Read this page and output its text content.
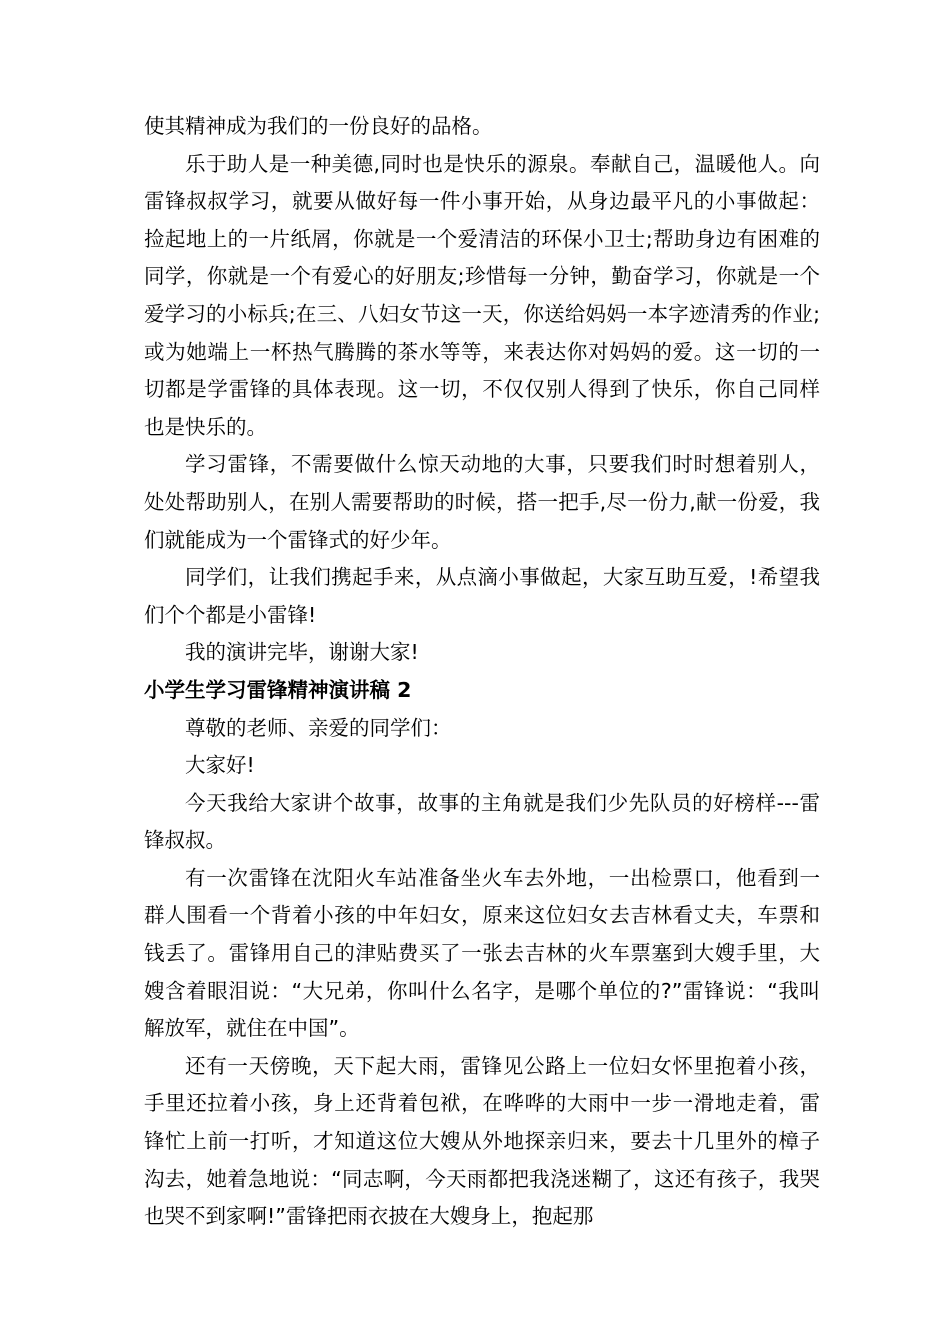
使其精神成为我们的一份良好的品格。

乐于助人是一种美德,同时也是快乐的源泉。奉献自己，温暖他人。向雷锋叔叔学习，就要从做好每一件小事开始，从身边最平凡的小事做起：捡起地上的一片纸屑，你就是一个爱清洁的环保小卫士;帮助身边有困难的同学，你就是一个有爱心的好朋友;珍惜每一分钟，勤奋学习，你就是一个爱学习的小标兵;在三、八妇女节这一天，你送给妈妈一本字迹清秀的作业;或为她端上一杯热气腾腾的茶水等等，来表达你对妈妈的爱。这一切的一切都是学雷锋的具体表现。这一切，不仅仅别人得到了快乐，你自己同样也是快乐的。

学习雷锋，不需要做什么惊天动地的大事，只要我们时时想着别人，处处帮助别人，在别人需要帮助的时候，搭一把手,尽一份力,献一份爱，我们就能成为一个雷锋式的好少年。

同学们，让我们携起手来，从点滴小事做起，大家互助互爱，!希望我们个个都是小雷锋!

我的演讲完毕，谢谢大家!

小学生学习雷锋精神演讲稿 2

尊敬的老师、亲爱的同学们：

大家好!

今天我给大家讲个故事，故事的主角就是我们少先队员的好榜样---雷锋叔叔。

有一次雷锋在沈阳火车站准备坐火车去外地，一出检票口，他看到一群人围看一个背着小孩的中年妇女，原来这位妇女去吉林看丈夫，车票和钱丢了。雷锋用自己的津贴费买了一张去吉林的火车票塞到大嫂手里，大嫂含着眼泪说：“大兄弟，你叫什么名字，是哪个单位的?”雷锋说：“我叫解放军，就住在中国”。

还有一天傍晚，天下起大雨，雷锋见公路上一位妇女怀里抱着小孩，手里还拉着小孩，身上还背着包袱，在哗哗的大雨中一步一滑地走着，雷锋忙上前一打听，才知道这位大嫂从外地探亲归来，要去十几里外的樟子沟去，她着急地说：“同志啊，今天雨都把我浇迷糊了，这还有孩子，我哭也哭不到家啊!”雷锋把雨衣披在大嫂身上，抱起那
